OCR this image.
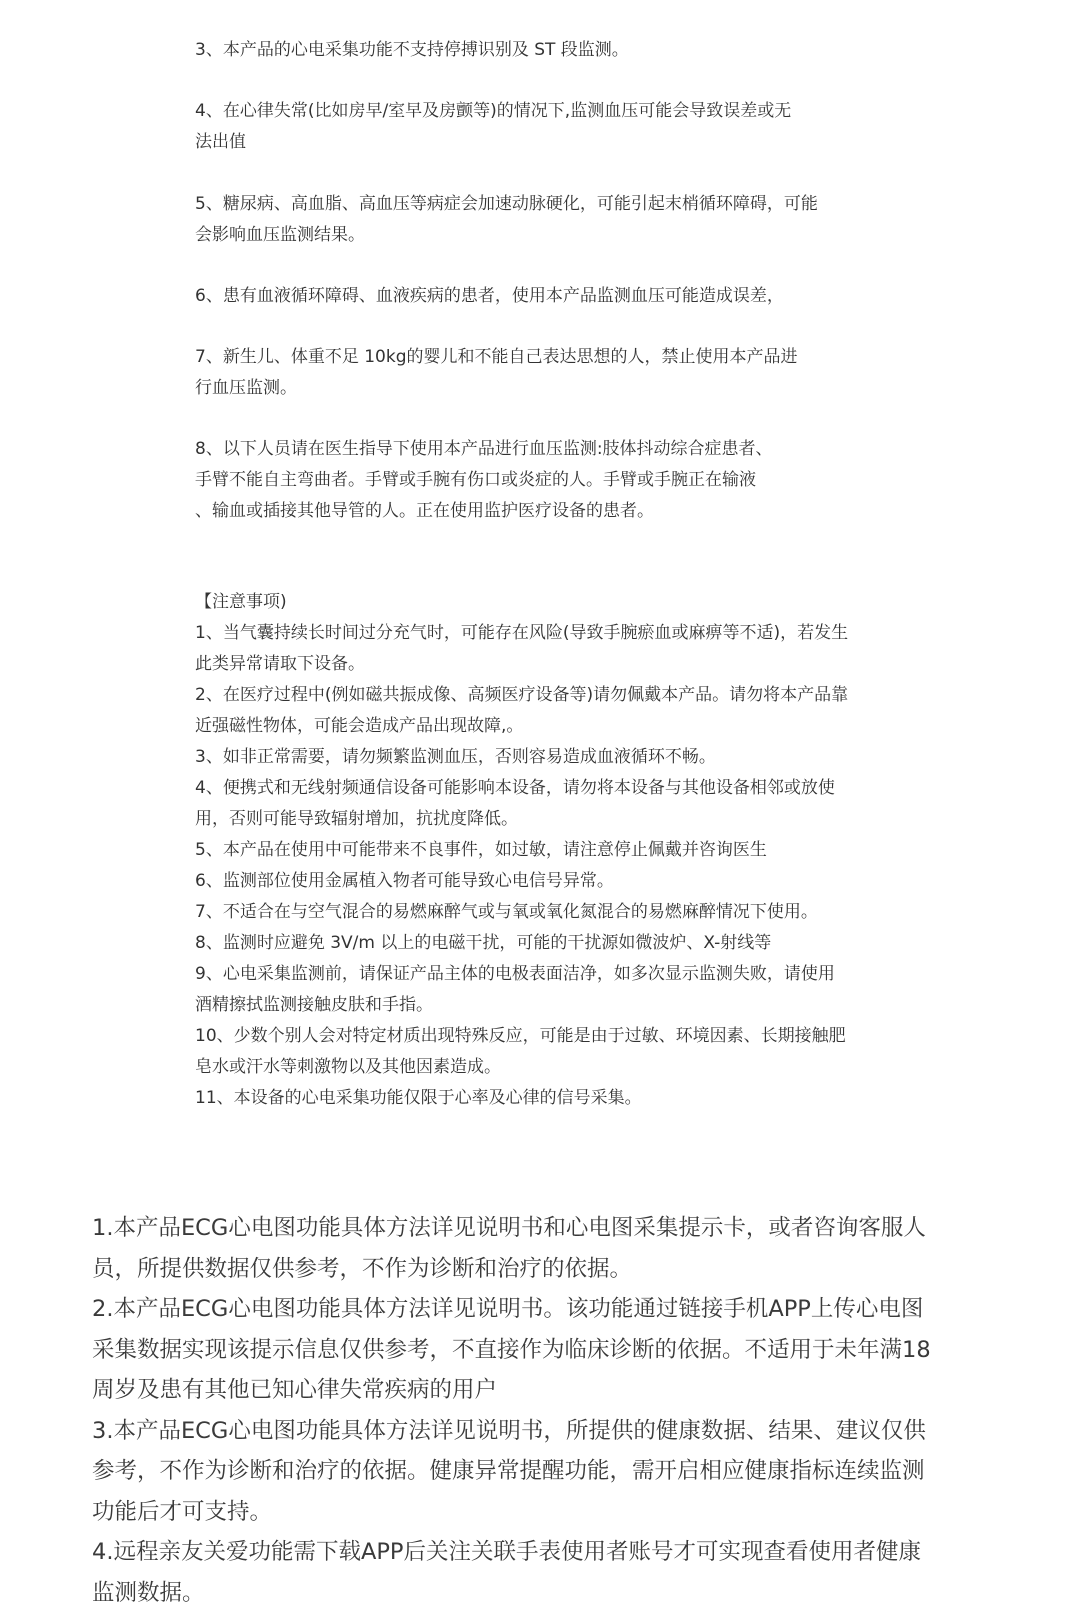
3、本产品的心电采集功能不支持停搏识别及 ST 段监测。

4、在心律失常(比如房早/室早及房颤等)的情况下,监测血压可能会导致误差或无

法出值

5、糖尿病、高血脂、高血压等病症会加速动脉硬化，可能引起末梢循环障碍，可能

会影响血压监测结果。

6、患有血液循环障碍、血液疾病的患者，使用本产品监测血压可能造成误差，

7、新生儿、体重不足 10kg的婴儿和不能自己表达思想的人，禁止使用本产品进

行血压监测。

8、以下人员请在医生指导下使用本产品进行血压监测:肢体抖动综合症患者、

手臂不能自主弯曲者。手臂或手腕有伤口或炎症的人。手臂或手腕正在输液

、输血或插接其他导管的人。正在使用监护医疗设备的患者。

【注意事项)

1、当气囊持续长时间过分充气时，可能存在风险(导致手腕瘀血或麻痹等不适)，若发生

此类异常请取下设备。

2、在医疗过程中(例如磁共振成像、高频医疗设备等)请勿佩戴本产品。请勿将本产品靠

近强磁性物体，可能会造成产品出现故障,。

3、如非正常需要，请勿频繁监测血压，否则容易造成血液循环不畅。

4、便携式和无线射频通信设备可能影响本设备，请勿将本设备与其他设备相邻或放使

用，否则可能导致辐射增加，抗扰度降低。

5、本产品在使用中可能带来不良事件，如过敏，请注意停止佩戴并咨询医生

6、监测部位使用金属植入物者可能导致心电信号异常。

7、不适合在与空气混合的易燃麻醉气或与氧或氧化氮混合的易燃麻醉情况下使用。

8、监测时应避免 3V/m 以上的电磁干扰，可能的干扰源如微波炉、X-射线等

9、心电采集监测前，请保证产品主体的电极表面洁净，如多次显示监测失败，请使用

酒精擦拭监测接触皮肤和手指。

10、少数个别人会对特定材质出现特殊反应，可能是由于过敏、环境因素、长期接触肥

皂水或汗水等刺激物以及其他因素造成。

11、本设备的心电采集功能仅限于心率及心律的信号采集。

1.本产品ECG心电图功能具体方法详见说明书和心电图采集提示卡，或者咨询客服人

员，所提供数据仅供参考，不作为诊断和治疗的依据。

2.本产品ECG心电图功能具体方法详见说明书。该功能通过链接手机APP上传心电图

采集数据实现该提示信息仅供参考，不直接作为临床诊断的依据。不适用于未年满18

周岁及患有其他已知心律失常疾病的用户

3.本产品ECG心电图功能具体方法详见说明书，所提供的健康数据、结果、建议仅供

参考，不作为诊断和治疗的依据。健康异常提醒功能，需开启相应健康指标连续监测

功能后才可支持。

4.远程亲友关爱功能需下载APP后关注关联手表使用者账号才可实现查看使用者健康

监测数据。
